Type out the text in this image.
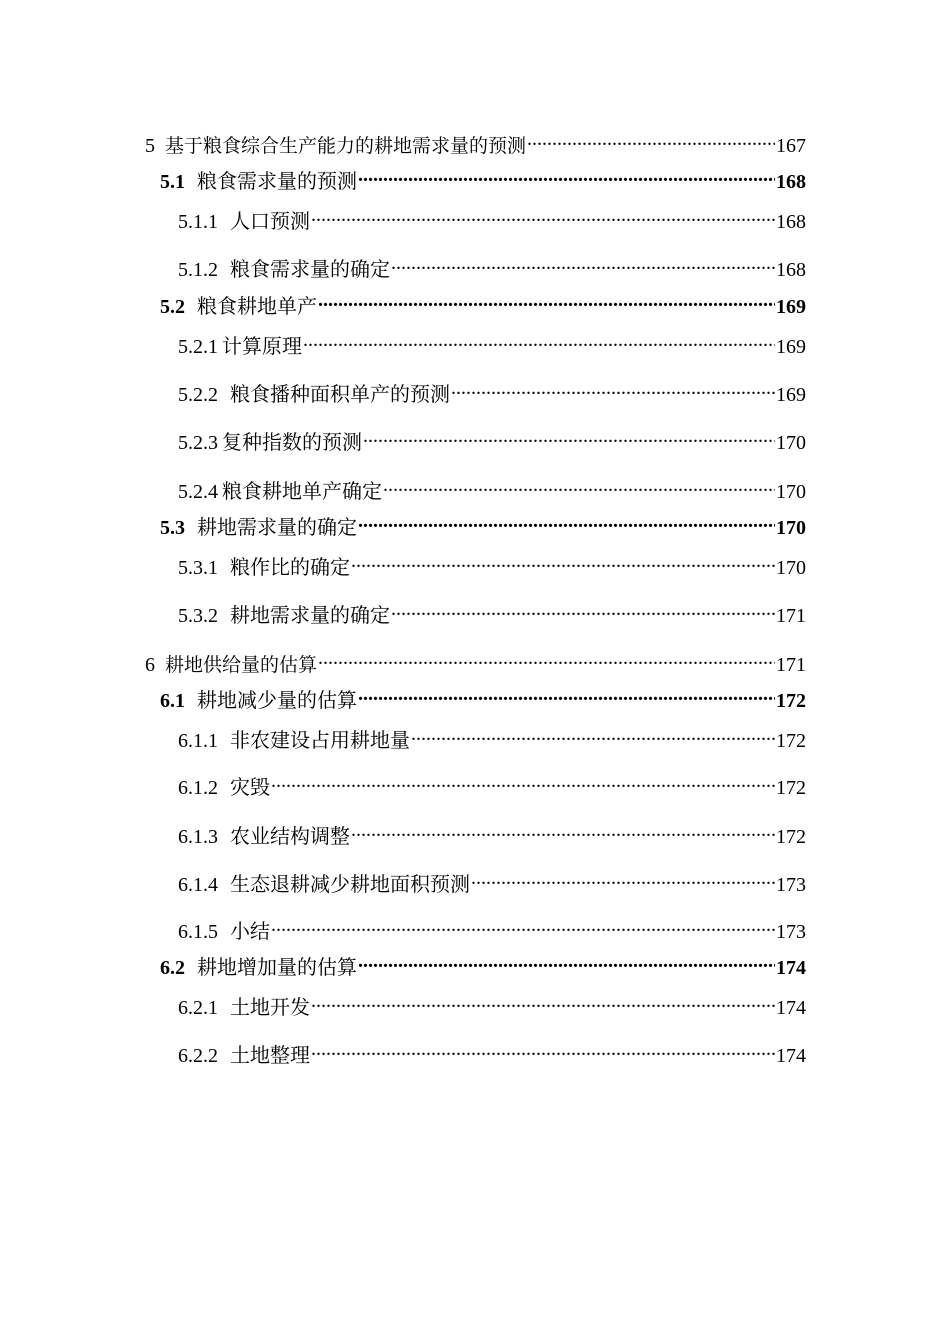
5 基于粮食综合生产能力的耕地需求量的预测 .....	167
5.1 粮食需求量的预测 .....	168
5.1.1 人口预测 .....	168
5.1.2 粮食需求量的确定 .....	168
5.2 粮食耕地单产 .....	169
5.2.1 计算原理 .....	169
5.2.2 粮食播种面积单产的预测 .....	169
5.2.3 复种指数的预测 .....	170
5.2.4 粮食耕地单产确定 .....	170
5.3 耕地需求量的确定 .....	170
5.3.1 粮作比的确定 .....	170
5.3.2 耕地需求量的确定 .....	171
6 耕地供给量的估算 .....	171
6.1 耕地减少量的估算 .....	172
6.1.1 非农建设占用耕地量 .....	172
6.1.2 灾毁 .....	172
6.1.3 农业结构调整 .....	172
6.1.4 生态退耕减少耕地面积预测 .....	173
6.1.5 小结 .....	173
6.2 耕地增加量的估算 .....	174
6.2.1 土地开发 .....	174
6.2.2 土地整理 .....	174
